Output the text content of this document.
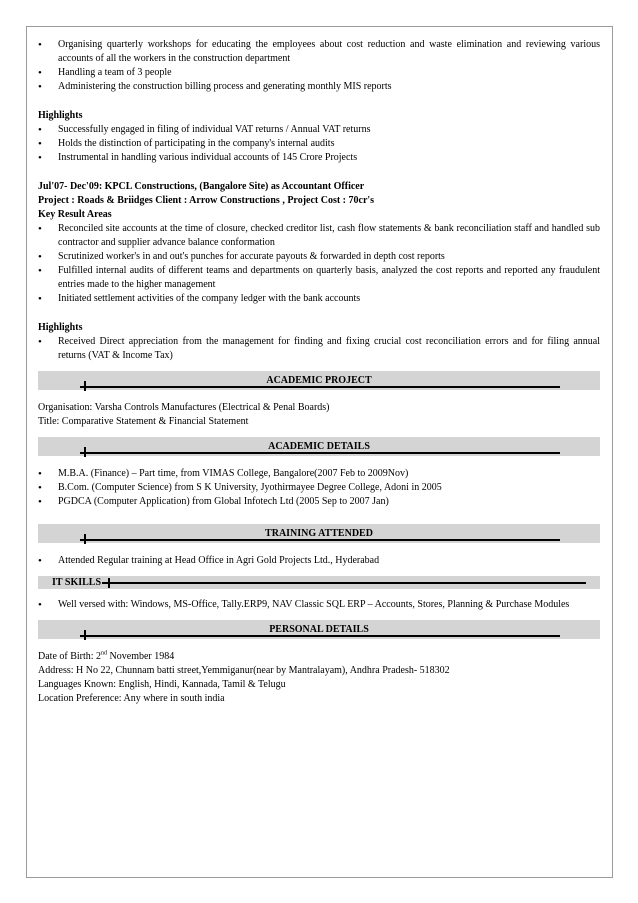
• Organising quarterly workshops for educating the employees about cost reduction and waste elimination and reviewing various accounts of all the workers in the construction department
• Handling a team of 3 people
• Administering the construction billing process and generating monthly MIS reports
Highlights
• Successfully engaged in filing of individual VAT returns / Annual VAT returns
• Holds the distinction of participating in the company's internal audits
• Instrumental in handling various individual accounts of 145 Crore Projects
Jul'07- Dec'09: KPCL Constructions, (Bangalore Site) as Accountant Officer
Project : Roads & Briidges Client : Arrow Constructions , Project Cost : 70cr's
Key Result Areas
• Reconciled site accounts at the time of closure, checked creditor list, cash flow statements & bank reconciliation staff and handled sub contractor and supplier advance balance conformation
• Scrutinized worker's in and out's punches for accurate payouts & forwarded in depth cost reports
• Fulfilled internal audits of different teams and departments on quarterly basis, analyzed the cost reports and reported any fraudulent entries made to the higher management
• Initiated settlement activities of the company ledger with the bank accounts
Highlights
• Received Direct appreciation from the management for finding and fixing crucial cost reconciliation errors and for filing annual returns (VAT & Income Tax)
ACADEMIC PROJECT
Organisation: Varsha Controls Manufactures (Electrical & Penal Boards)
Title: Comparative Statement & Financial Statement
ACADEMIC DETAILS
• M.B.A. (Finance) – Part time, from VIMAS College, Bangalore(2007 Feb to 2009Nov)
• B.Com. (Computer Science) from S K University, Jyothirmayee Degree College, Adoni in 2005
• PGDCA (Computer Application) from Global Infotech Ltd (2005 Sep to 2007 Jan)
TRAINING ATTENDED
• Attended Regular training at Head Office in Agri Gold Projects Ltd., Hyderabad
IT SKILLS
• Well versed with: Windows, MS-Office, Tally.ERP9, NAV Classic SQL ERP – Accounts, Stores, Planning & Purchase Modules
PERSONAL DETAILS
Date of Birth: 2nd November 1984
Address: H No 22, Chunnam batti street,Yemmiganur(near by Mantralayam), Andhra Pradesh- 518302
Languages Known: English, Hindi, Kannada, Tamil & Telugu
Location Preference: Any where in south india
